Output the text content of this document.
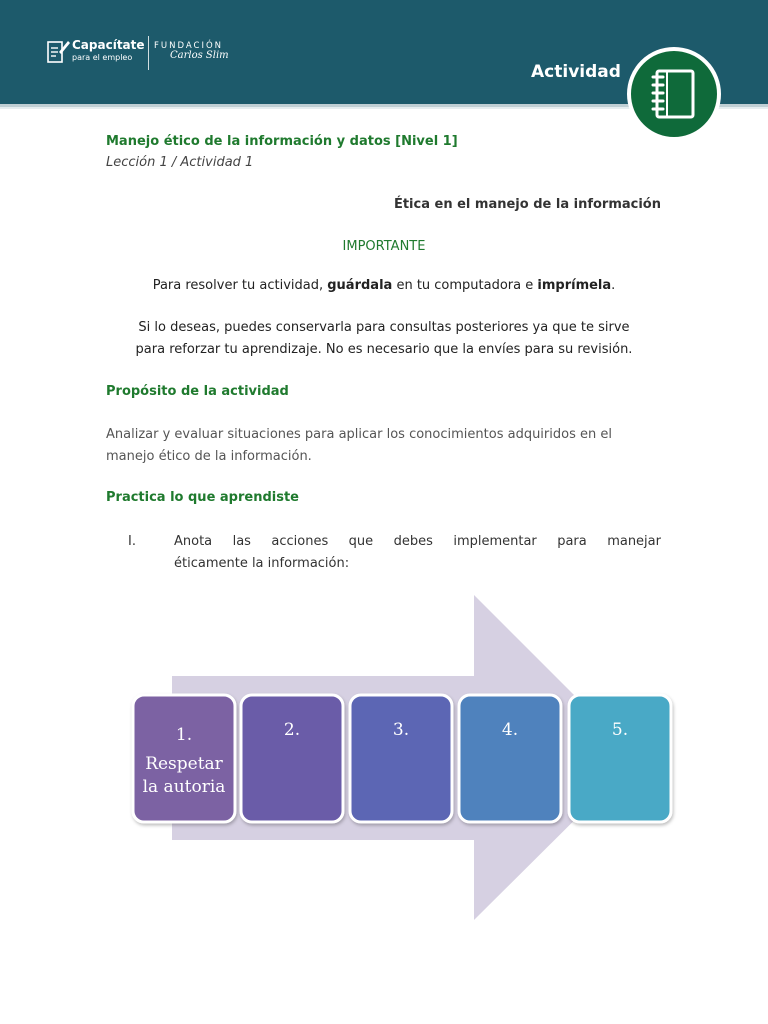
Capacítate
para el empleo
FUNDACIÓN
Carlos Slim
Actividad
Manejo ético de la información y datos [Nivel 1]
Lección 1 / Actividad 1
Ética en el manejo de la información
IMPORTANTE
Para resolver tu actividad, guárdala en tu computadora e imprímela.
Si lo deseas, puedes conservarla para consultas posteriores ya que te sirve
para reforzar tu aprendizaje. No es necesario que la envíes para su revisión.
Propósito de la actividad
Analizar y evaluar situaciones para aplicar los conocimientos adquiridos en el
manejo ético de la información.
Practica lo que aprendiste
I.	Anota las acciones que debes implementar para manejar
éticamente la información:
1.
Respetar
la autoria
2.	3.	4.	5.
